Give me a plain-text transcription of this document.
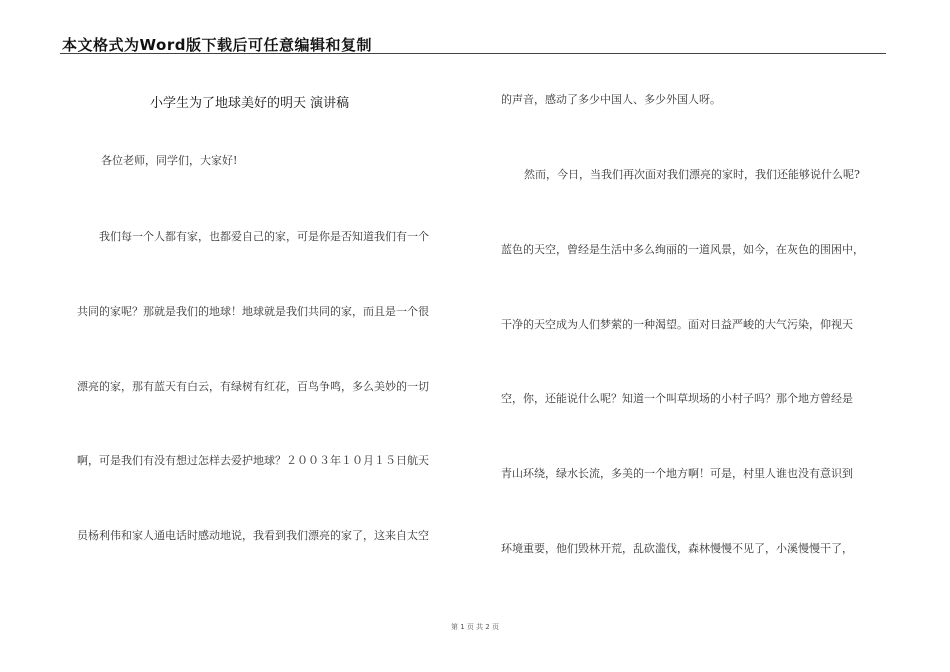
本文格式为Word版下载后可任意编辑和复制
小学生为了地球美好的明天 演讲稿
各位老师，同学们，大家好!
我们每一个人都有家，也都爱自己的家，可是你是否知道我们有一个
共同的家呢？那就是我们的地球！地球就是我们共同的家，而且是一个很
漂亮的家，那有蓝天有白云，有绿树有红花，百鸟争鸣，多么美妙的一切
啊，可是我们有没有想过怎样去爱护地球？２００３年１０月１５日航天
员杨利伟和家人通电话时感动地说，我看到我们漂亮的家了，这来自太空
的声音，感动了多少中国人、多少外国人呀。
然而，今日，当我们再次面对我们漂亮的家时，我们还能够说什么呢?
蓝色的天空，曾经是生活中多么绚丽的一道风景，如今，在灰色的围困中，
干净的天空成为人们梦萦的一种渴望。面对日益严峻的大气污染，仰视天
空，你，还能说什么呢？知道一个叫草坝场的小村子吗？那个地方曾经是
青山环绕，绿水长流，多美的一个地方啊！可是，村里人谁也没有意识到
环境重要，他们毁林开荒，乱砍滥伐，森林慢慢不见了，小溪慢慢干了，
第 1 页 共 2 页
